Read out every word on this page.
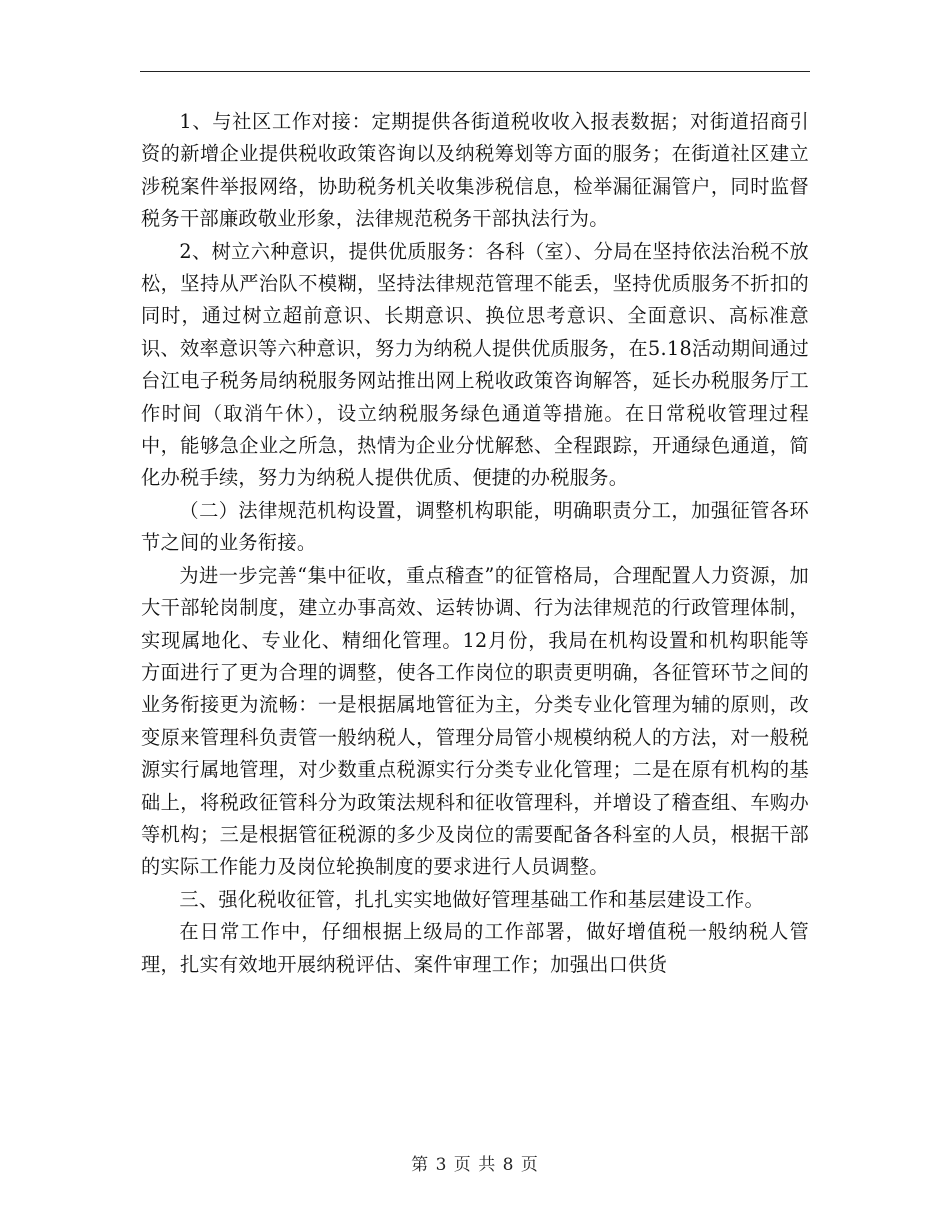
1、与社区工作对接：定期提供各街道税收收入报表数据；对街道招商引资的新增企业提供税收政策咨询以及纳税筹划等方面的服务；在街道社区建立涉税案件举报网络，协助税务机关收集涉税信息，检举漏征漏管户，同时监督税务干部廉政敬业形象，法律规范税务干部执法行为。

2、树立六种意识，提供优质服务：各科（室）、分局在坚持依法治税不放松，坚持从严治队不模糊，坚持法律规范管理不能丢，坚持优质服务不折扣的同时，通过树立超前意识、长期意识、换位思考意识、全面意识、高标准意识、效率意识等六种意识，努力为纳税人提供优质服务，在5.18活动期间通过台江电子税务局纳税服务网站推出网上税收政策咨询解答，延长办税服务厅工作时间（取消午休），设立纳税服务绿色通道等措施。在日常税收管理过程中，能够急企业之所急，热情为企业分忧解愁、全程跟踪，开通绿色通道，简化办税手续，努力为纳税人提供优质、便捷的办税服务。

（二）法律规范机构设置，调整机构职能，明确职责分工，加强征管各环节之间的业务衔接。

为进一步完善“集中征收，重点稽查”的征管格局，合理配置人力资源，加大干部轮岗制度，建立办事高效、运转协调、行为法律规范的行政管理体制，实现属地化、专业化、精细化管理。12月份，我局在机构设置和机构职能等方面进行了更为合理的调整，使各工作岗位的职责更明确，各征管环节之间的业务衔接更为流畅：一是根据属地管征为主，分类专业化管理为辅的原则，改变原来管理科负责管一般纳税人，管理分局管小规模纳税人的方法，对一般税源实行属地管理，对少数重点税源实行分类专业化管理；二是在原有机构的基础上，将税政征管科分为政策法规科和征收管理科，并增设了稽查组、车购办等机构；三是根据管征税源的多少及岗位的需要配备各科室的人员，根据干部的实际工作能力及岗位轮换制度的要求进行人员调整。

三、强化税收征管，扎扎实实地做好管理基础工作和基层建设工作。

在日常工作中，仔细根据上级局的工作部署，做好增值税一般纳税人管理，扎实有效地开展纳税评估、案件审理工作；加强出口供货

第 3 页 共 8 页
